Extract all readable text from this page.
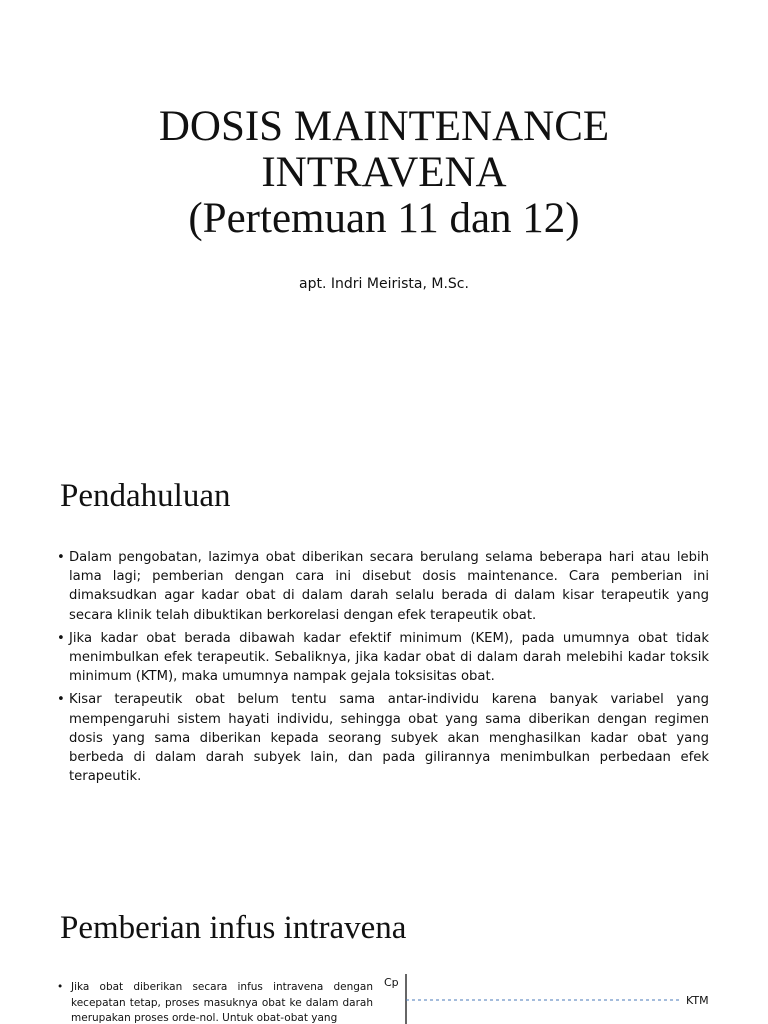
DOSIS MAINTENANCE
INTRAVENA
(Pertemuan 11 dan 12)
apt. Indri Meirista, M.Sc.
Pendahuluan
• Dalam pengobatan, lazimya obat diberikan secara berulang selama beberapa hari atau lebih lama lagi; pemberian dengan cara ini disebut dosis maintenance. Cara pemberian ini dimaksudkan agar kadar obat di dalam darah selalu berada di dalam kisar terapeutik yang secara klinik telah dibuktikan berkorelasi dengan efek terapeutik obat.
• Jika kadar obat berada dibawah kadar efektif minimum (KEM), pada umumnya obat tidak menimbulkan efek terapeutik. Sebaliknya, jika kadar obat di dalam darah melebihi kadar toksik minimum (KTM), maka umumnya nampak gejala toksisitas obat.
• Kisar terapeutik obat belum tentu sama antar-individu karena banyak variabel yang mempengaruhi sistem hayati individu, sehingga obat yang sama diberikan dengan regimen dosis yang sama diberikan kepada seorang subyek akan menghasilkan kadar obat yang berbeda di dalam darah subyek lain, dan pada gilirannya menimbulkan perbedaan efek terapeutik.
Pemberian infus intravena
• Jika obat diberikan secara infus intravena dengan kecepatan tetap, proses masuknya obat ke dalam darah merupakan proses orde-nol. Untuk obat-obat yang
Cp
KTM
